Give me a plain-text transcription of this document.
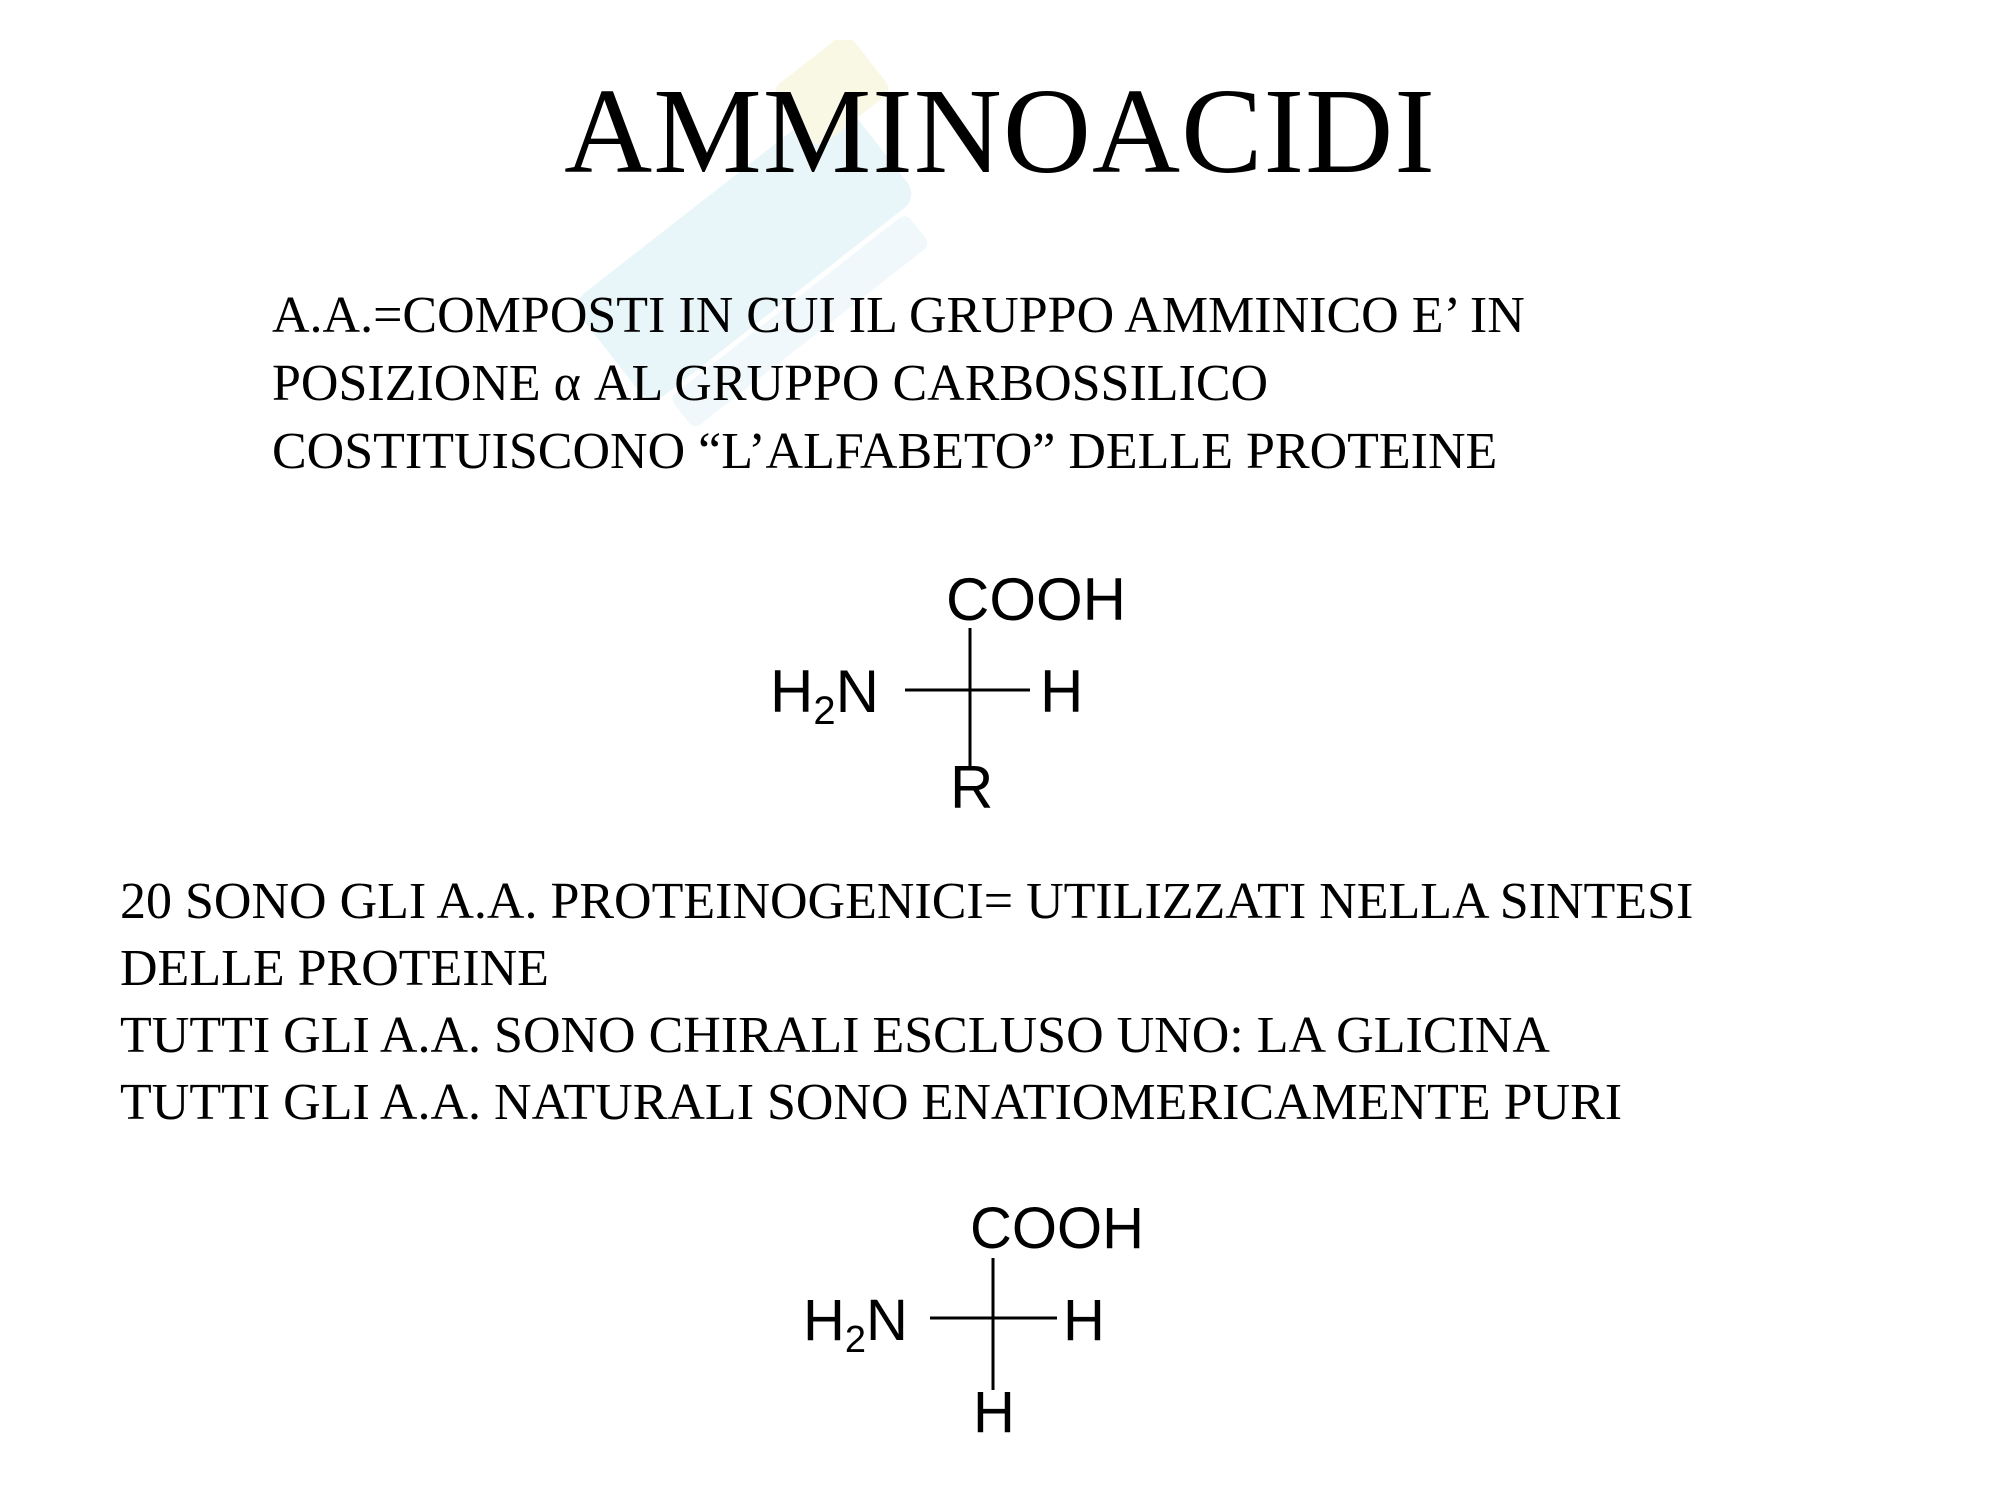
AMMINOACIDI
A.A.=COMPOSTI IN CUI IL GRUPPO AMMINICO E’ IN
POSIZIONE α AL GRUPPO CARBOSSILICO
COSTITUISCONO “L’ALFABETO” DELLE PROTEINE
COOH
$H_2N$	H
R
20 SONO GLI A.A. PROTEINOGENICI= UTILIZZATI NELLA SINTESI
DELLE PROTEINE
TUTTI GLI A.A. SONO CHIRALI ESCLUSO UNO: LA GLICINA
TUTTI GLI A.A. NATURALI SONO ENATIOMERICAMENTE PURI
COOH
$H_2N$	H
H
